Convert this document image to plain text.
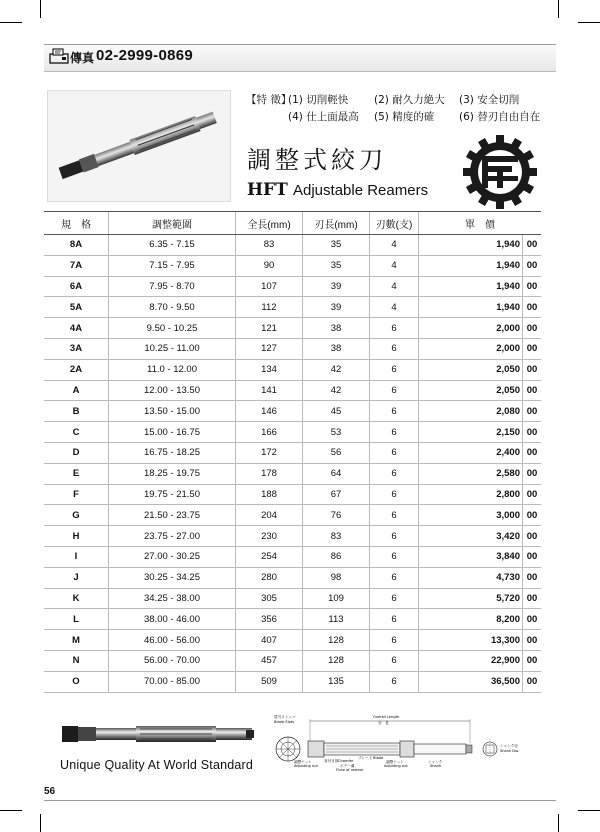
傳真 02-2999-0869
【特 徵】
(1) 切削輕快 (2) 耐久力絶大 (3) 安全切削
(4) 仕上面最高 (5) 精度的確 (6) 替刃自由自在
調整式絞刀
HFT Adjustable Reamers
規　格	調整範圍	全長(mm)	刃長(mm)	刃數(支)	單　價	
8A	6.35 - 7.15	83	35	4	1,940	00
7A	7.15 - 7.95	90	35	4	1,940	00
6A	7.95 - 8.70	107	39	4	1,940	00
5A	8.70 - 9.50	112	39	4	1,940	00
4A	9.50 - 10.25	121	38	6	2,000	00
3A	10.25 - 11.00	127	38	6	2,000	00
2A	11.0 - 12.00	134	42	6	2,050	00
A	12.00 - 13.50	141	42	6	2,050	00
B	13.50 - 15.00	146	45	6	2,080	00
C	15.00 - 16.75	166	53	6	2,150	00
D	16.75 - 18.25	172	56	6	2,400	00
E	18.25 - 19.75	178	64	6	2,580	00
F	19.75 - 21.50	188	67	6	2,800	00
G	21.50 - 23.75	204	76	6	3,000	00
H	23.75 - 27.00	230	83	6	3,420	00
I	27.00 - 30.25	254	86	6	3,840	00
J	30.25 - 34.25	280	98	6	4,730	00
K	34.25 - 38.00	305	109	6	5,720	00
L	38.00 - 46.00	356	113	6	8,200	00
M	46.00 - 56.00	407	128	6	13,300	00
N	56.00 - 70.00	457	128	6	22,900	00
O	70.00 - 85.00	509	135	6	36,500	00
Unique Quality At World Standard
Overall Length
全　長
替刃ストッパ
Blade Slots
調整ナット
Adjusting nut
食付き部 Chamfer
ブレード Blade
ボデー溝
Flute of reamer
調整ナット
Adjusting out
シャンク
Shank
シャンク径
Shank Dia.
56
